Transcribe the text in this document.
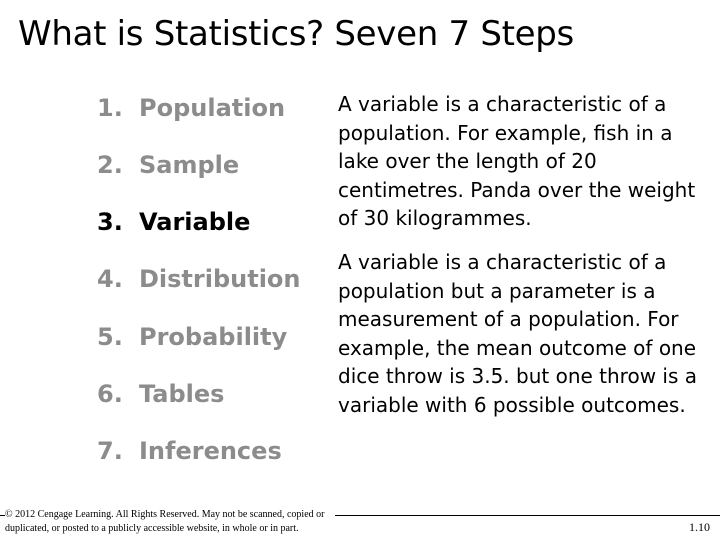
What is Statistics? Seven 7 Steps
1. Population
2. Sample
3. Variable
4. Distribution
5. Probability
6. Tables
7. Inferences
A variable is a characteristic of a population. For example, fish in a lake over the length of 20 centimetres. Panda over the weight of 30 kilogrammes.
A variable is a characteristic of a population but a parameter is a measurement of a population. For example, the mean outcome of one dice throw is 3.5. but one throw is a variable with 6 possible outcomes.
© 2012 Cengage Learning. All Rights Reserved. May not be scanned, copied or duplicated, or posted to a publicly accessible website, in whole or in part.	1.10
